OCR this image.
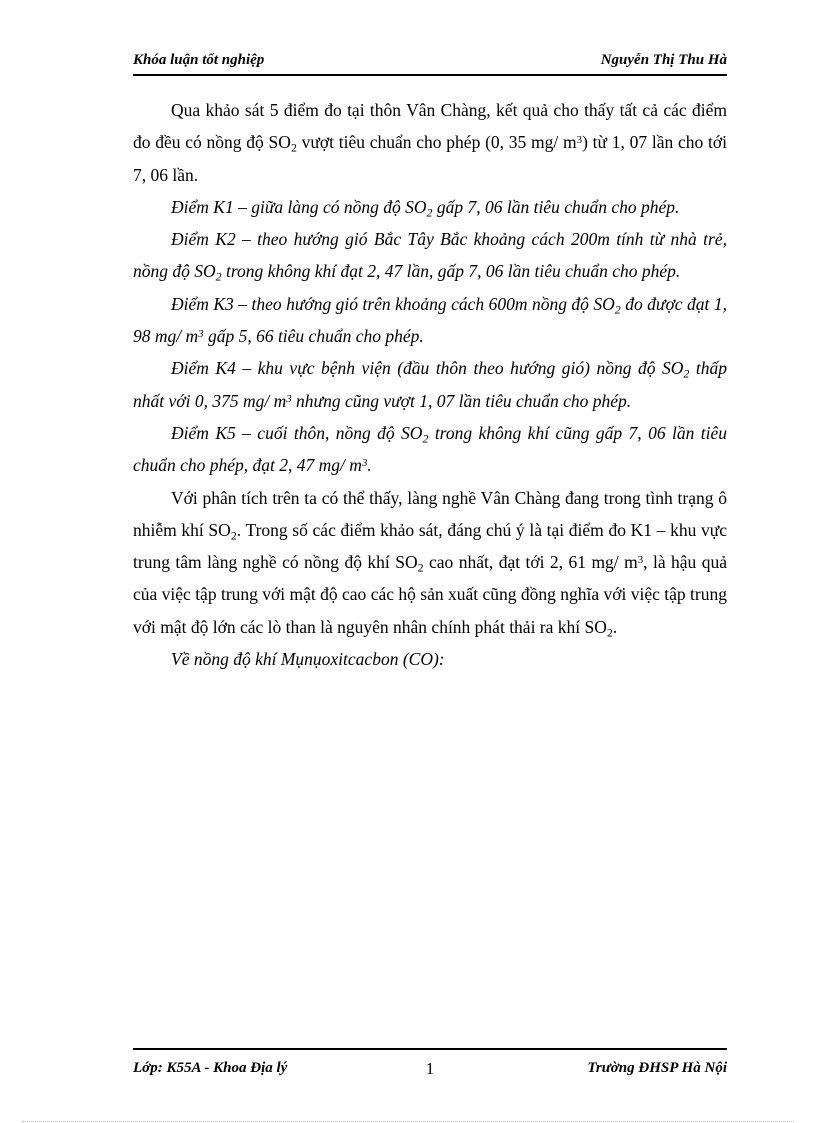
Khóa luận tốt nghiệp	Nguyễn Thị Thu Hà

Qua khảo sát 5 điểm đo tại thôn Vân Chàng, kết quả cho thấy tất cả các điểm đo đều có nồng độ $SO_2$ vượt tiêu chuẩn cho phép (0, 35 mg/ $m^3$) từ 1, 07 lần cho tới 7, 06 lần.

Điểm K1 – giữa làng có nồng độ $SO_2$ gấp 7, 06 lần tiêu chuẩn cho phép.

Điểm K2 – theo hướng gió Bắc Tây Bắc khoảng cách 200m tính từ nhà trẻ, nồng độ $SO_2$ trong không khí đạt 2, 47 lần, gấp 7, 06 lần tiêu chuẩn cho phép.

Điểm K3 – theo hướng gió trên khoảng cách 600m nồng độ $SO_2$ đo được đạt 1, 98 mg/ $m^3$ gấp 5, 66 tiêu chuẩn cho phép.

Điểm K4 – khu vực bệnh viện (đầu thôn theo hướng gió) nồng độ $SO_2$ thấp nhất với 0, 375 mg/ $m^3$ nhưng cũng vượt 1, 07 lần tiêu chuẩn cho phép.

Điểm K5 – cuối thôn, nồng độ $SO_2$ trong không khí cũng gấp 7, 06 lần tiêu chuẩn cho phép, đạt 2, 47 mg/ $m^3$.

Với phân tích trên ta có thể thấy, làng nghề Vân Chàng đang trong tình trạng ô nhiễm khí $SO_2$. Trong số các điểm khảo sát, đáng chú ý là tại điểm đo K1 – khu vực trung tâm làng nghề có nồng độ khí $SO_2$ cao nhất, đạt tới 2, 61 mg/ $m^3$, là hậu quả của việc tập trung với mật độ cao các hộ sản xuất cũng đồng nghĩa với việc tập trung với mật độ lớn các lò than là nguyên nhân chính phát thải ra khí $SO_2$.

Về nồng độ khí Mụnụoxitcacbon (CO):

Lớp: K55A - Khoa Địa lý	1	Trường ĐHSP Hà Nội
